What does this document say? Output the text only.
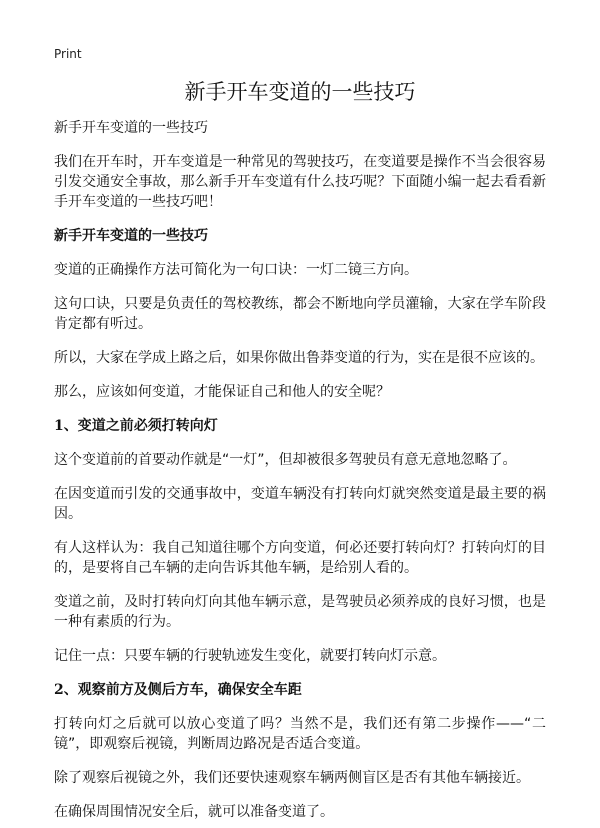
Print
新手开车变道的一些技巧

新手开车变道的一些技巧

我们在开车时，开车变道是一种常见的驾驶技巧，在变道要是操作不当会很容易引发交通安全事故，那么新手开车变道有什么技巧呢？下面随小编一起去看看新手开车变道的一些技巧吧！

新手开车变道的一些技巧

变道的正确操作方法可简化为一句口诀：一灯二镜三方向。

这句口诀，只要是负责任的驾校教练，都会不断地向学员灌输，大家在学车阶段肯定都有听过。

所以，大家在学成上路之后，如果你做出鲁莽变道的行为，实在是很不应该的。

那么，应该如何变道，才能保证自己和他人的安全呢？

1、变道之前必须打转向灯

这个变道前的首要动作就是“一灯”，但却被很多驾驶员有意无意地忽略了。

在因变道而引发的交通事故中，变道车辆没有打转向灯就突然变道是最主要的祸因。

有人这样认为：我自己知道往哪个方向变道，何必还要打转向灯？打转向灯的目的，是要将自己车辆的走向告诉其他车辆，是给别人看的。

变道之前，及时打转向灯向其他车辆示意，是驾驶员必须养成的良好习惯，也是一种有素质的行为。

记住一点：只要车辆的行驶轨迹发生变化，就要打转向灯示意。

2、观察前方及侧后方车，确保安全车距

打转向灯之后就可以放心变道了吗？当然不是，我们还有第二步操作——“二镜”，即观察后视镜，判断周边路况是否适合变道。

除了观察后视镜之外，我们还要快速观察车辆两侧盲区是否有其他车辆接近。

在确保周围情况安全后，就可以准备变道了。
